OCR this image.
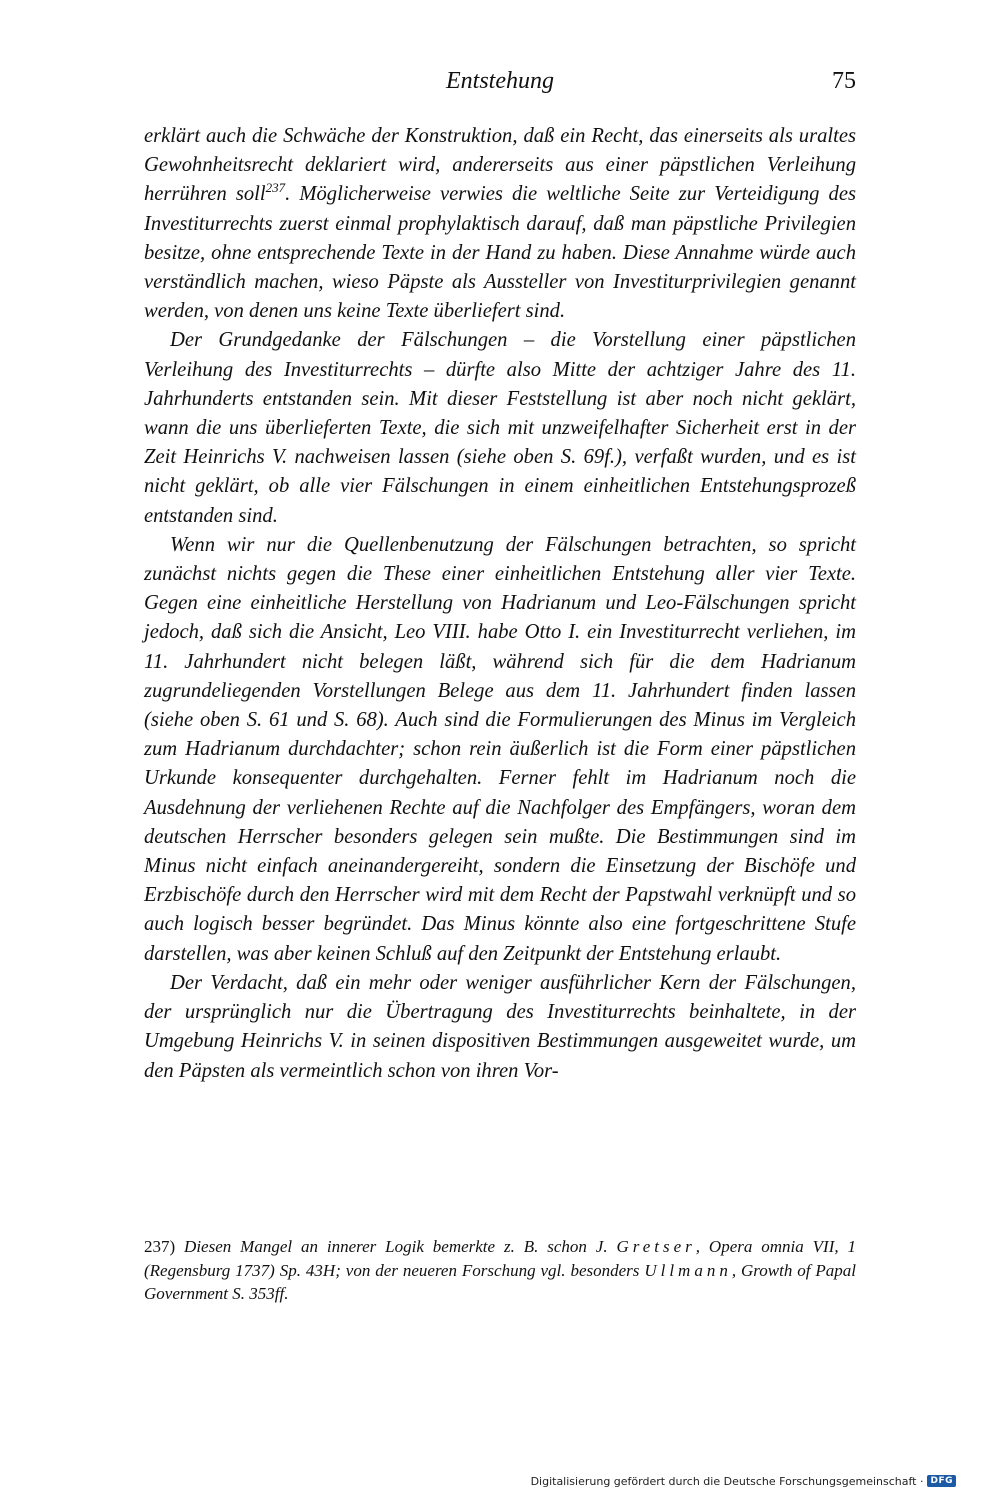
Entstehung	75

erklärt auch die Schwäche der Konstruktion, daß ein Recht, das einerseits als uraltes Gewohnheitsrecht deklariert wird, andererseits aus einer päpstlichen Verleihung herrühren soll$^{237}$. Möglicherweise verwies die weltliche Seite zur Verteidigung des Investiturrechts zuerst einmal prophylaktisch darauf, daß man päpstliche Privilegien besitze, ohne entsprechende Texte in der Hand zu haben. Diese Annahme würde auch verständlich machen, wieso Päpste als Aussteller von Investiturprivilegien genannt werden, von denen uns keine Texte überliefert sind.

Der Grundgedanke der Fälschungen – die Vorstellung einer päpstlichen Verleihung des Investiturrechts – dürfte also Mitte der achtziger Jahre des 11. Jahrhunderts entstanden sein. Mit dieser Feststellung ist aber noch nicht geklärt, wann die uns überlieferten Texte, die sich mit unzweifelhafter Sicherheit erst in der Zeit Heinrichs V. nachweisen lassen (siehe oben S. 69f.), verfaßt wurden, und es ist nicht geklärt, ob alle vier Fälschungen in einem einheitlichen Entstehungsprozeß entstanden sind.

Wenn wir nur die Quellenbenutzung der Fälschungen betrachten, so spricht zunächst nichts gegen die These einer einheitlichen Entstehung aller vier Texte. Gegen eine einheitliche Herstellung von Hadrianum und Leo-Fälschungen spricht jedoch, daß sich die Ansicht, Leo VIII. habe Otto I. ein Investiturrecht verliehen, im 11. Jahrhundert nicht belegen läßt, während sich für die dem Hadrianum zugrundeliegenden Vorstellungen Belege aus dem 11. Jahrhundert finden lassen (siehe oben S. 61 und S. 68). Auch sind die Formulierungen des Minus im Vergleich zum Hadrianum durchdachter; schon rein äußerlich ist die Form einer päpstlichen Urkunde konsequenter durchgehalten. Ferner fehlt im Hadrianum noch die Ausdehnung der verliehenen Rechte auf die Nachfolger des Empfängers, woran dem deutschen Herrscher besonders gelegen sein mußte. Die Bestimmungen sind im Minus nicht einfach aneinandergereiht, sondern die Einsetzung der Bischöfe und Erzbischöfe durch den Herrscher wird mit dem Recht der Papstwahl verknüpft und so auch logisch besser begründet. Das Minus könnte also eine fortgeschrittene Stufe darstellen, was aber keinen Schluß auf den Zeitpunkt der Entstehung erlaubt.

Der Verdacht, daß ein mehr oder weniger ausführlicher Kern der Fälschungen, der ursprünglich nur die Übertragung des Investiturrechts beinhaltete, in der Umgebung Heinrichs V. in seinen dispositiven Bestimmungen ausgeweitet wurde, um den Päpsten als vermeintlich schon von ihren Vor-

237) Diesen Mangel an innerer Logik bemerkte z. B. schon J. Gretser, Opera omnia VII, 1 (Regensburg 1737) Sp. 43H; von der neueren Forschung vgl. besonders Ullmann, Growth of Papal Government S. 353ff.

Digitalisierung gefördert durch die Deutsche Forschungsgemeinschaft · DFG
